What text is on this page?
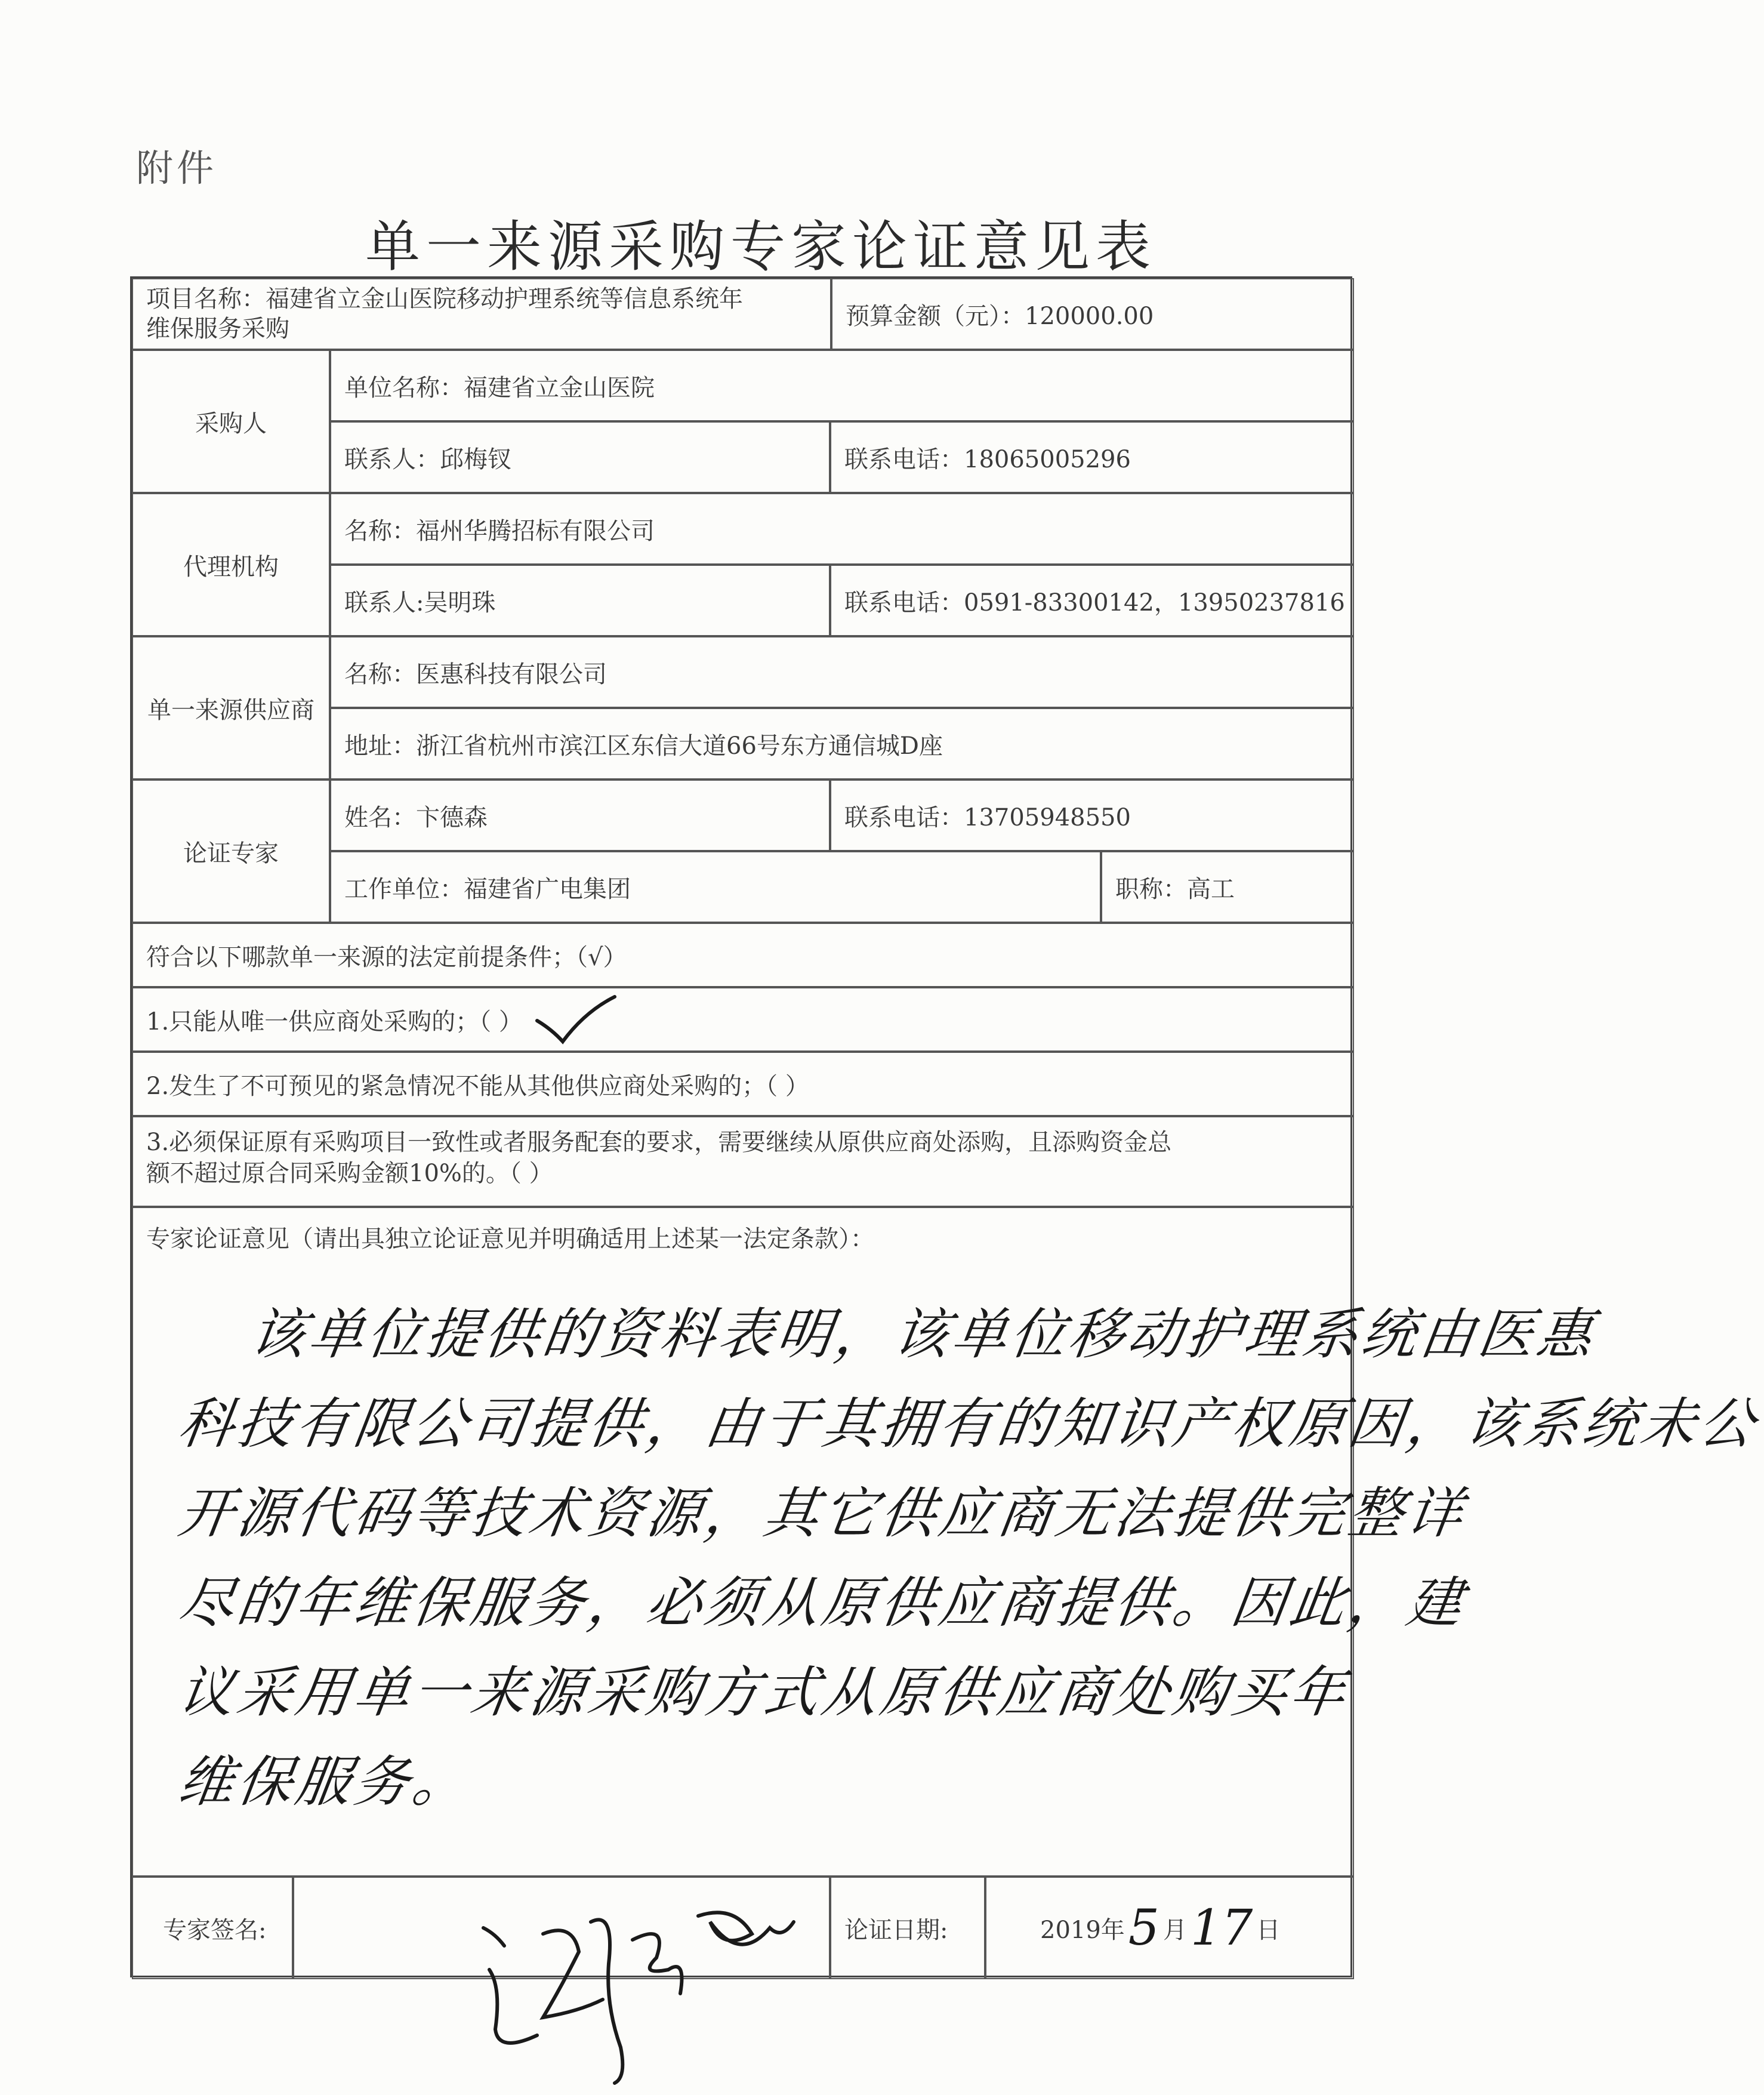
附件
单一来源采购专家论证意见表
项目名称：福建省立金山医院移动护理系统等信息系统年
维保服务采购	预算金额（元）：120000.00
采购人
单位名称：福建省立金山医院
联系人：邱梅钗	联系电话：18065005296
代理机构
名称：福州华腾招标有限公司
联系人:吴明珠	联系电话：0591-83300142，13950237816
单一来源供应商
名称：医惠科技有限公司
地址：浙江省杭州市滨江区东信大道66号东方通信城D座
论证专家
姓名：卞德森	联系电话：13705948550
工作单位：福建省广电集团	职称：高工
符合以下哪款单一来源的法定前提条件；（√）
1.只能从唯一供应商处采购的；（ ）
2.发生了不可预见的紧急情况不能从其他供应商处采购的；（ ）
3.必须保证原有采购项目一致性或者服务配套的要求，需要继续从原供应商处添购，且添购资金总
额不超过原合同采购金额10%的。（ ）
专家论证意见（请出具独立论证意见并明确适用上述某一法定条款）：
该单位提供的资料表明，该单位移动护理系统由医惠
科技有限公司提供，由于其拥有的知识产权原因，该系统未公
开源代码等技术资源，其它供应商无法提供完整详
尽的年维保服务，必须从原供应商提供。因此，建
议采用单一来源采购方式从原供应商处购买年
维保服务。
专家签名:	论证日期:	2019年 5 月 17 日
